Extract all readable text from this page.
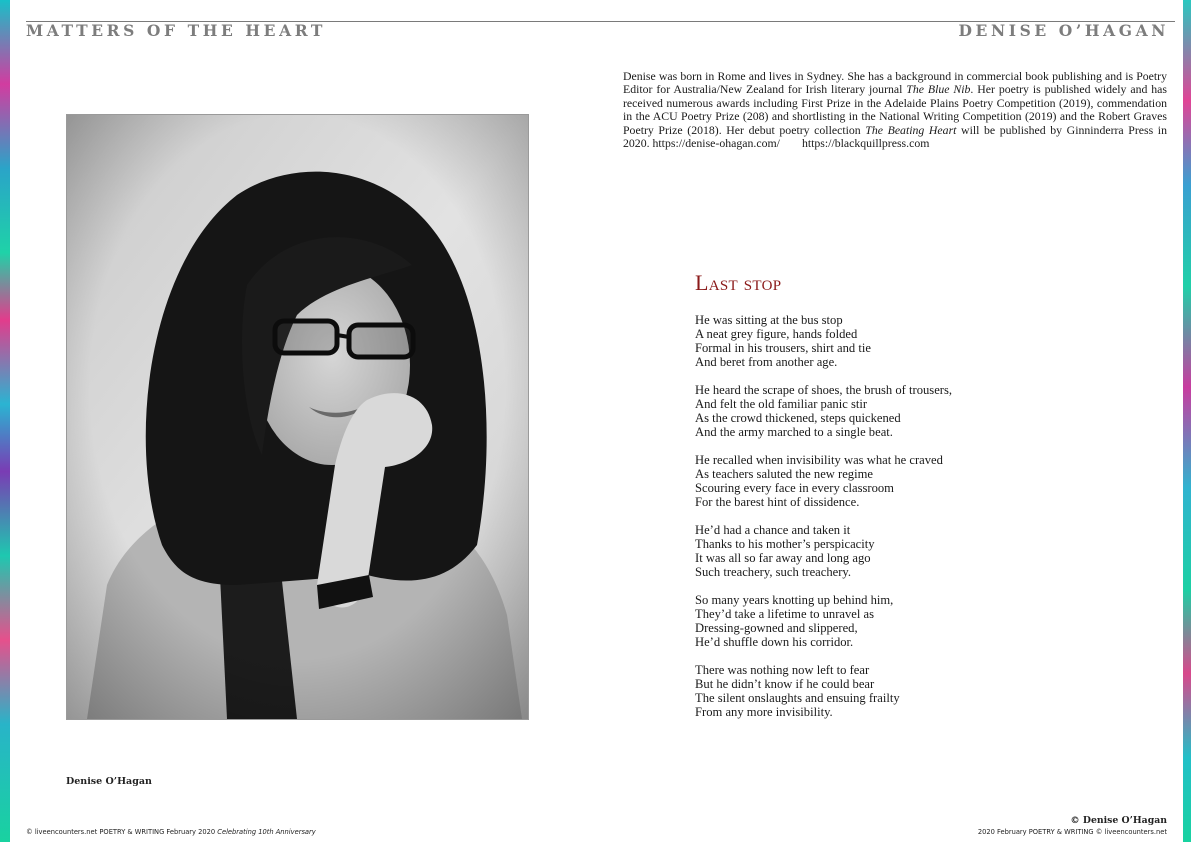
MATTERS OF THE HEART	DENISE O’HAGAN
Denise was born in Rome and lives in Sydney. She has a background in commercial book publishing and is Poetry Editor for Australia/New Zealand for Irish literary journal The Blue Nib. Her poetry is published widely and has received numerous awards including First Prize in the Adelaide Plains Poetry Competition (2019), commendation in the ACU Poetry Prize (208) and shortlisting in the National Writing Competition (2019) and the Robert Graves Poetry Prize (2018). Her debut poetry collection The Beating Heart will be published by Ginninderra Press in 2020. https://denise-ohagan.com/ https://blackquillpress.com
Denise O’Hagan
Last stop
He was sitting at the bus stop
A neat grey figure, hands folded
Formal in his trousers, shirt and tie
And beret from another age.
He heard the scrape of shoes, the brush of trousers,
And felt the old familiar panic stir
As the crowd thickened, steps quickened
And the army marched to a single beat.
He recalled when invisibility was what he craved
As teachers saluted the new regime
Scouring every face in every classroom
For the barest hint of dissidence.
He’d had a chance and taken it
Thanks to his mother’s perspicacity
It was all so far away and long ago
Such treachery, such treachery.
So many years knotting up behind him,
They’d take a lifetime to unravel as
Dressing-gowned and slippered,
He’d shuffle down his corridor.
There was nothing now left to fear
But he didn’t know if he could bear
The silent onslaughts and ensuing frailty
From any more invisibility.
© liveencounters.net POETRY & WRITING February 2020 Celebrating 10th Anniversary
© Denise O’Hagan
2020 February POETRY & WRITING © liveencounters.net
